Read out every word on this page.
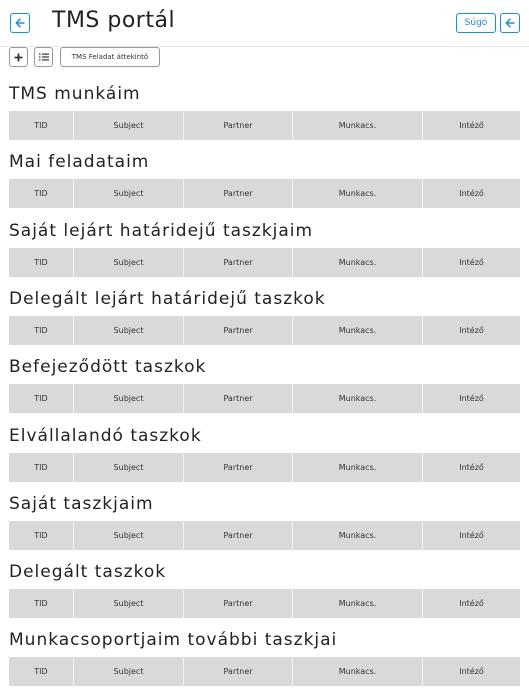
TMS portál	Súgó
TMS Feladat áttekintő
TMS munkáim
TID	Subject	Partner	Munkacs.	Intéző
Mai feladataim
TID	Subject	Partner	Munkacs.	Intéző
Saját lejárt határidejű taszkjaim
TID	Subject	Partner	Munkacs.	Intéző
Delegált lejárt határidejű taszkok
TID	Subject	Partner	Munkacs.	Intéző
Befejeződött taszkok
TID	Subject	Partner	Munkacs.	Intéző
Elvállalandó taszkok
TID	Subject	Partner	Munkacs.	Intéző
Saját taszkjaim
TID	Subject	Partner	Munkacs.	Intéző
Delegált taszkok
TID	Subject	Partner	Munkacs.	Intéző
Munkacsoportjaim további taszkjai
TID	Subject	Partner	Munkacs.	Intéző
